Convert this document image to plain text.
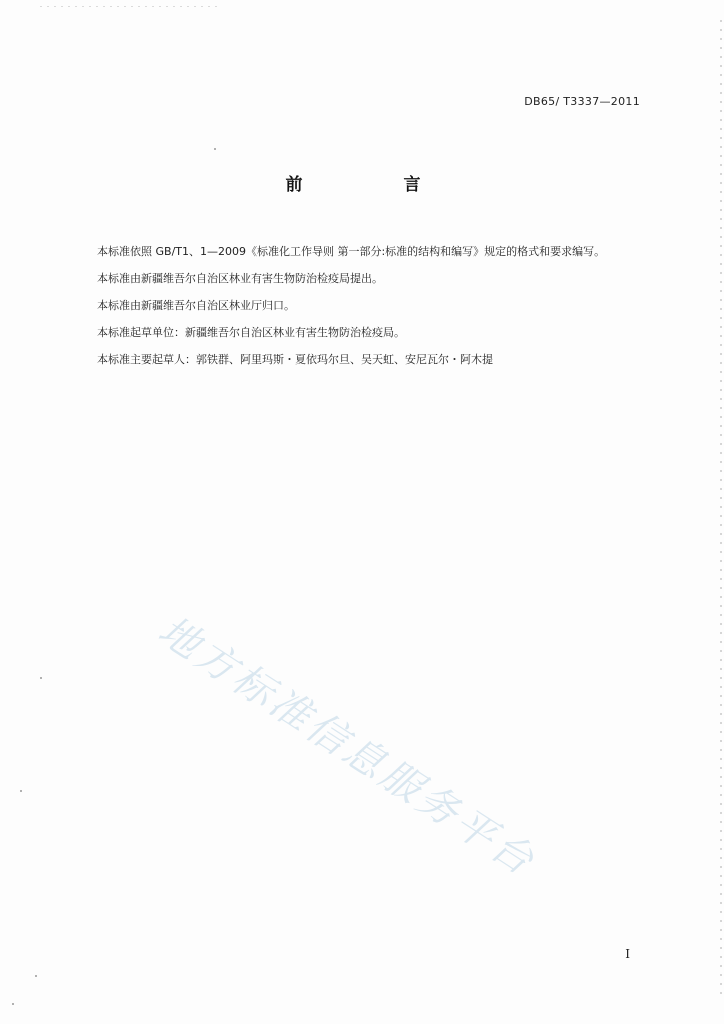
DB65/ T3337—2011
前　言

本标准依照 GB/T1、1—2009《标准化工作导则 第一部分:标准的结构和编写》规定的格式和要求编写。

本标准由新疆维吾尔自治区林业有害生物防治检疫局提出。

本标准由新疆维吾尔自治区林业厅归口。

本标准起草单位：新疆维吾尔自治区林业有害生物防治检疫局。

本标准主要起草人：郭铁群、阿里玛斯・夏依玛尔旦、吴天虹、安尼瓦尔・阿木提

地方标准信息服务平台
I
